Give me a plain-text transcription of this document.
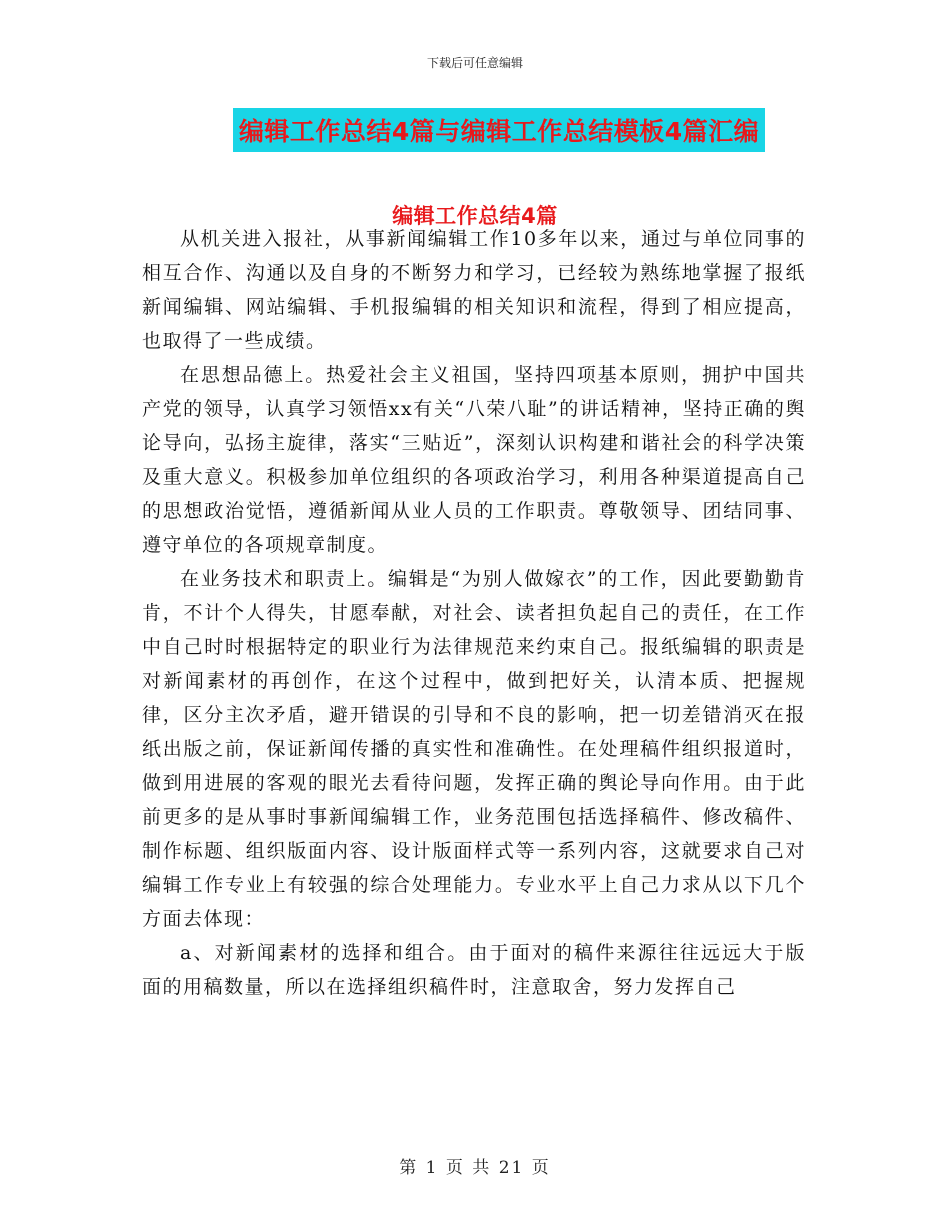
下载后可任意编辑
编辑工作总结4篇与编辑工作总结模板4篇汇编
编辑工作总结4篇

从机关进入报社，从事新闻编辑工作10多年以来，通过与单位同事的相互合作、沟通以及自身的不断努力和学习，已经较为熟练地掌握了报纸新闻编辑、网站编辑、手机报编辑的相关知识和流程，得到了相应提高，也取得了一些成绩。

在思想品德上。热爱社会主义祖国，坚持四项基本原则，拥护中国共产党的领导，认真学习领悟xx有关“八荣八耻”的讲话精神，坚持正确的舆论导向，弘扬主旋律，落实“三贴近”，深刻认识构建和谐社会的科学决策及重大意义。积极参加单位组织的各项政治学习，利用各种渠道提高自己的思想政治觉悟，遵循新闻从业人员的工作职责。尊敬领导、团结同事、遵守单位的各项规章制度。

在业务技术和职责上。编辑是“为别人做嫁衣”的工作，因此要勤勤肯肯，不计个人得失，甘愿奉献，对社会、读者担负起自己的责任，在工作中自己时时根据特定的职业行为法律规范来约束自己。报纸编辑的职责是对新闻素材的再创作，在这个过程中，做到把好关，认清本质、把握规律，区分主次矛盾，避开错误的引导和不良的影响，把一切差错消灭在报纸出版之前，保证新闻传播的真实性和准确性。在处理稿件组织报道时，做到用进展的客观的眼光去看待问题，发挥正确的舆论导向作用。由于此前更多的是从事时事新闻编辑工作，业务范围包括选择稿件、修改稿件、制作标题、组织版面内容、设计版面样式等一系列内容，这就要求自己对编辑工作专业上有较强的综合处理能力。专业水平上自己力求从以下几个方面去体现：

a、对新闻素材的选择和组合。由于面对的稿件来源往往远远大于版面的用稿数量，所以在选择组织稿件时，注意取舍，努力发挥自己

第 1 页 共 21 页
